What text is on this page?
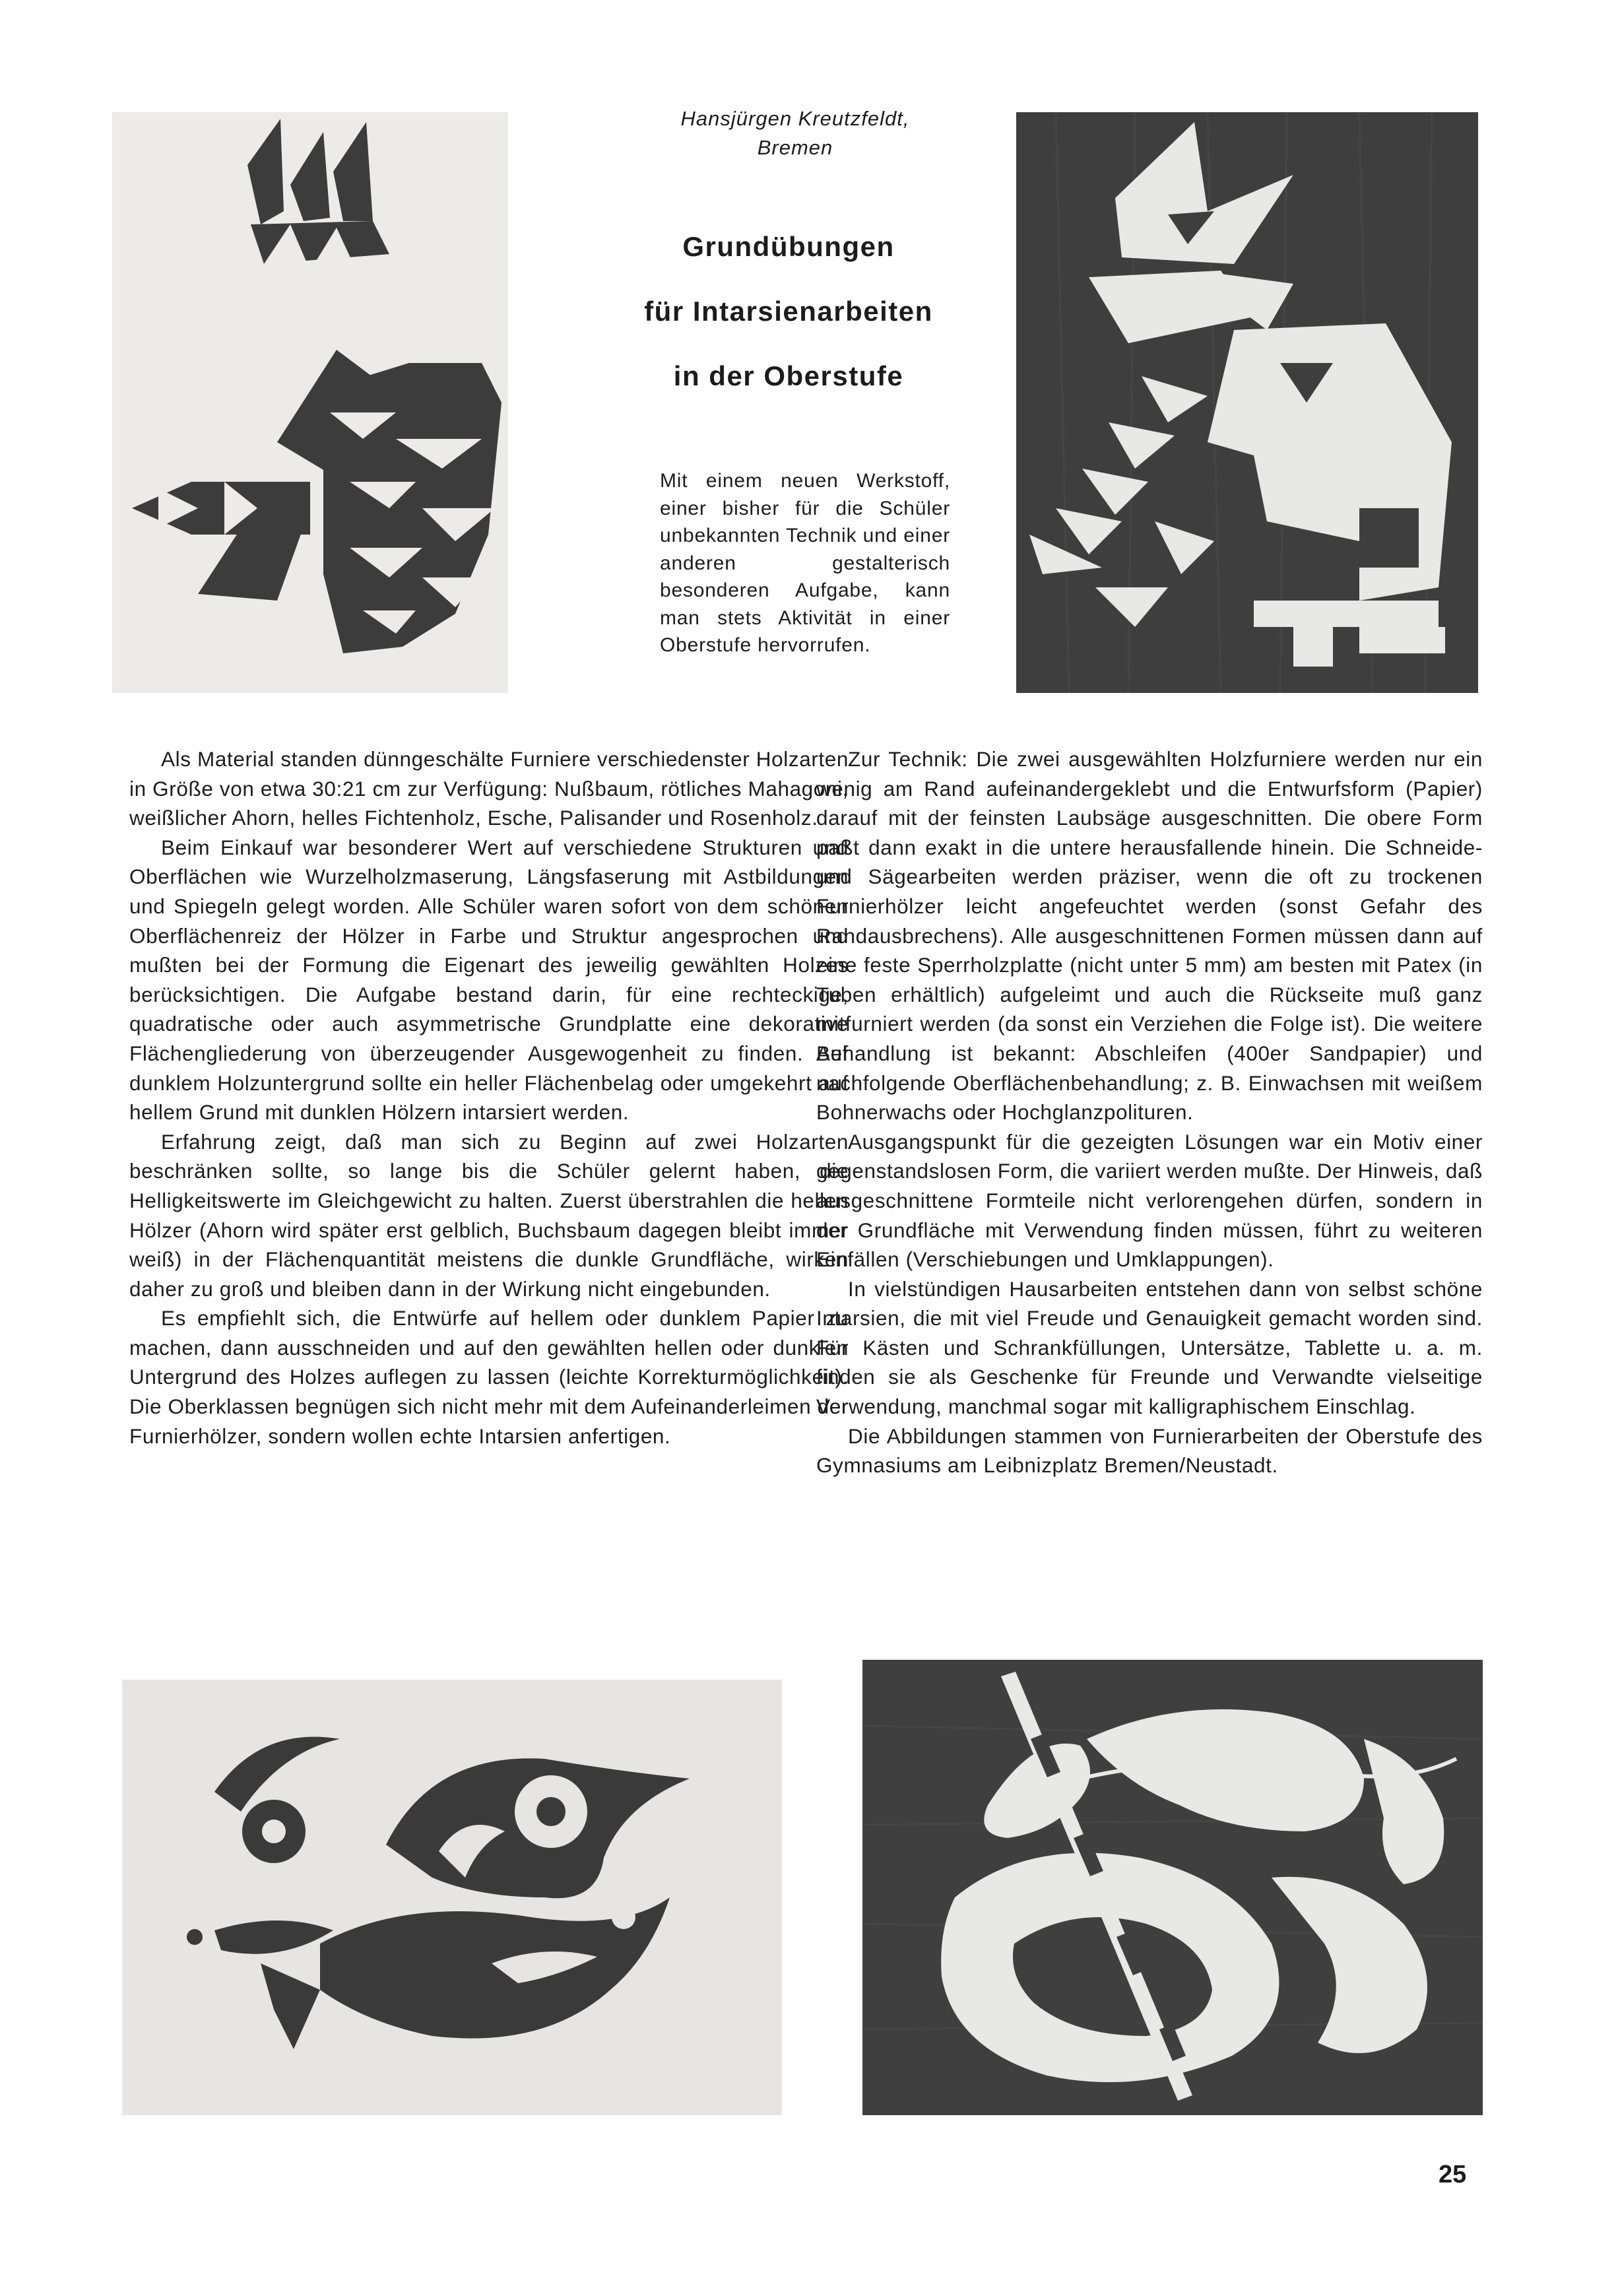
Hansjürgen Kreutzfeldt,
Bremen
Grundübungen
für Intarsienarbeiten
in der Oberstufe
Mit einem neuen Werkstoff, einer bisher für die Schüler unbekannten Technik und einer anderen gestalterisch besonderen Aufgabe, kann man stets Aktivität in einer Oberstufe hervorrufen.

Als Material standen dünngeschälte Furniere verschiedenster Holzarten in Größe von etwa 30:21 cm zur Verfügung: Nußbaum, rötliches Mahagoni, weißlicher Ahorn, helles Fichtenholz, Esche, Palisander und Rosenholz.

Beim Einkauf war besonderer Wert auf verschiedene Strukturen und Oberflächen wie Wurzelholzmaserung, Längsfaserung mit Astbildungen und Spiegeln gelegt worden. Alle Schüler waren sofort von dem schönen Oberflächenreiz der Hölzer in Farbe und Struktur angesprochen und mußten bei der Formung die Eigenart des jeweilig gewählten Holzes berücksichtigen. Die Aufgabe bestand darin, für eine rechteckige, quadratische oder auch asymmetrische Grundplatte eine dekorative Flächengliederung von überzeugender Ausgewogenheit zu finden. Auf dunklem Holzuntergrund sollte ein heller Flächenbelag oder umgekehrt auf hellem Grund mit dunklen Hölzern intarsiert werden.

Erfahrung zeigt, daß man sich zu Beginn auf zwei Holzarten beschränken sollte, so lange bis die Schüler gelernt haben, die Helligkeitswerte im Gleichgewicht zu halten. Zuerst überstrahlen die hellen Hölzer (Ahorn wird später erst gelblich, Buchsbaum dagegen bleibt immer weiß) in der Flächenquantität meistens die dunkle Grundfläche, wirken daher zu groß und bleiben dann in der Wirkung nicht eingebunden.

Es empfiehlt sich, die Entwürfe auf hellem oder dunklem Papier zu machen, dann ausschneiden und auf den gewählten hellen oder dunklen Untergrund des Holzes auflegen zu lassen (leichte Korrekturmöglichkeit). Die Oberklassen begnügen sich nicht mehr mit dem Aufeinanderleimen der Furnierhölzer, sondern wollen echte Intarsien anfertigen.

Zur Technik: Die zwei ausgewählten Holzfurniere werden nur ein wenig am Rand aufeinandergeklebt und die Entwurfsform (Papier) darauf mit der feinsten Laubsäge ausgeschnitten. Die obere Form paßt dann exakt in die untere herausfallende hinein. Die Schneide- und Sägearbeiten werden präziser, wenn die oft zu trockenen Furnierhölzer leicht angefeuchtet werden (sonst Gefahr des Randausbrechens). Alle ausgeschnittenen Formen müssen dann auf eine feste Sperrholzplatte (nicht unter 5 mm) am besten mit Patex (in Tuben erhältlich) aufgeleimt und auch die Rückseite muß ganz mitfurniert werden (da sonst ein Verziehen die Folge ist). Die weitere Behandlung ist bekannt: Abschleifen (400er Sandpapier) und nachfolgende Oberflächenbehandlung; z. B. Einwachsen mit weißem Bohnerwachs oder Hochglanzpolituren.

Ausgangspunkt für die gezeigten Lösungen war ein Motiv einer gegenstandslosen Form, die variiert werden mußte. Der Hinweis, daß ausgeschnittene Formteile nicht verlorengehen dürfen, sondern in der Grundfläche mit Verwendung finden müssen, führt zu weiteren Einfällen (Verschiebungen und Umklappungen).

In vielstündigen Hausarbeiten entstehen dann von selbst schöne Intarsien, die mit viel Freude und Genauigkeit gemacht worden sind. Für Kästen und Schrankfüllungen, Untersätze, Tablette u. a. m. finden sie als Geschenke für Freunde und Verwandte vielseitige Verwendung, manchmal sogar mit kalligraphischem Einschlag.

Die Abbildungen stammen von Furnierarbeiten der Oberstufe des Gymnasiums am Leibnizplatz Bremen/Neustadt.

25
